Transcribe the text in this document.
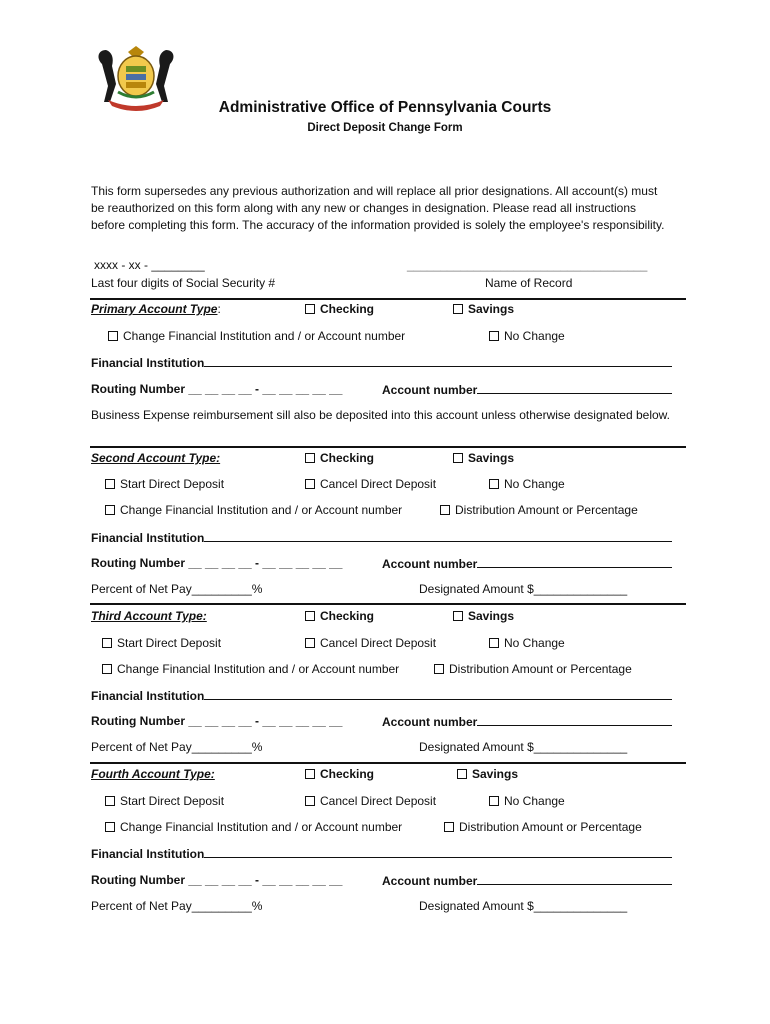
Administrative Office of Pennsylvania Courts
Direct Deposit Change Form
This form supersedes any previous authorization and will replace all prior designations. All account(s) must be reauthorized on this form along with any new or changes in designation. Please read all instructions before completing this form. The accuracy of the information provided is solely the employee's responsibility.
xxxx - xx - ________
Last four digits of Social Security #
____________________________________
Name of Record
Primary Account Type:	Checking	Savings
Change Financial Institution and / or Account number	No Change
Financial Institution
Routing Number __ __ __ __ - __ __ __ __ __	Account number
Business Expense reimbursement sill also be deposited into this account unless otherwise designated below.
Second Account Type:	Checking	Savings
Start Direct Deposit	Cancel Direct Deposit	No Change
Change Financial Institution and / or Account number	Distribution Amount or Percentage
Financial Institution
Routing Number __ __ __ __ - __ __ __ __ __	Account number
Percent of Net Pay_________%	Designated Amount $______________
Third Account Type:	Checking	Savings
Start Direct Deposit	Cancel Direct Deposit	No Change
Change Financial Institution and / or Account number	Distribution Amount or Percentage
Financial Institution
Routing Number __ __ __ __ - __ __ __ __ __	Account number
Percent of Net Pay_________%	Designated Amount $______________
Fourth Account Type:	Checking	Savings
Start Direct Deposit	Cancel Direct Deposit	No Change
Change Financial Institution and / or Account number	Distribution Amount or Percentage
Financial Institution
Routing Number __ __ __ __ - __ __ __ __ __	Account number
Percent of Net Pay_________%	Designated Amount $______________
